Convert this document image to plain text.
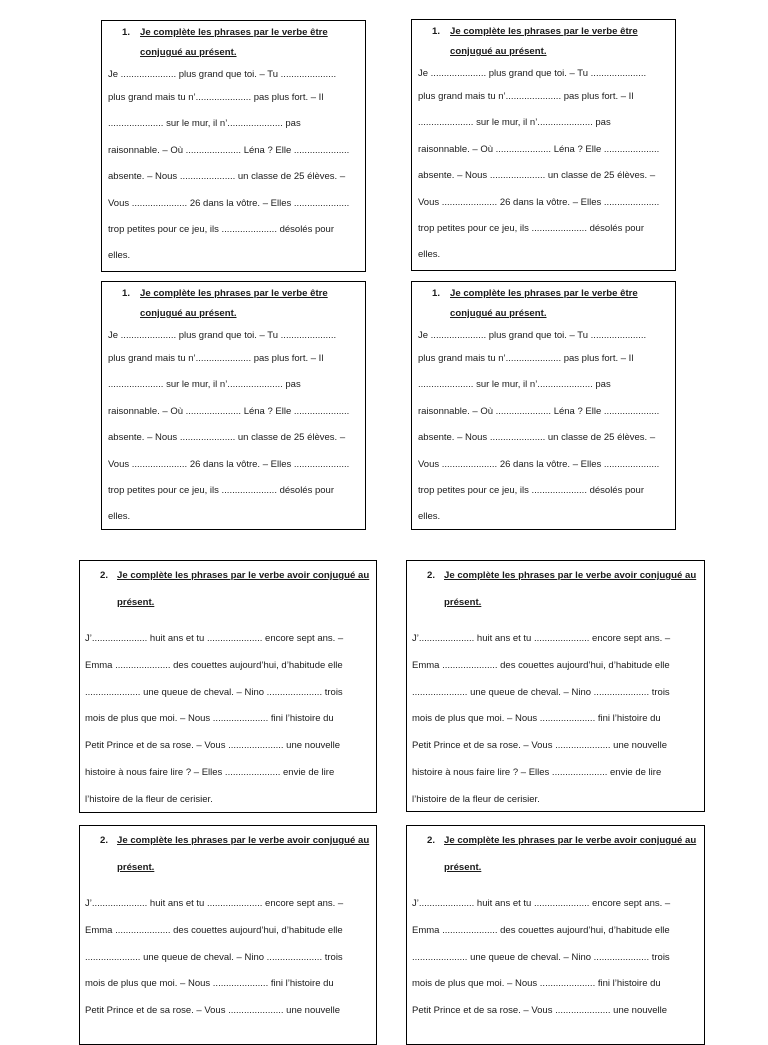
1.	Je complète les phrases par le verbe être
conjugué au présent.

Je ..................... plus grand que toi. – Tu .....................
plus grand mais tu n’..................... pas plus fort. – Il
..................... sur le mur, il n’..................... pas
raisonnable. – Où ..................... Léna ? Elle .....................
absente. – Nous ..................... un classe de 25 élèves. –
Vous ..................... 26 dans la vôtre. – Elles .....................
trop petites pour ce jeu, ils ..................... désolés pour
elles.

1.	Je complète les phrases par le verbe être
conjugué au présent.

Je ..................... plus grand que toi. – Tu .....................
plus grand mais tu n’..................... pas plus fort. – Il
..................... sur le mur, il n’..................... pas
raisonnable. – Où ..................... Léna ? Elle .....................
absente. – Nous ..................... un classe de 25 élèves. –
Vous ..................... 26 dans la vôtre. – Elles .....................
trop petites pour ce jeu, ils ..................... désolés pour
elles.

1.	Je complète les phrases par le verbe être
conjugué au présent.

Je ..................... plus grand que toi. – Tu .....................
plus grand mais tu n’..................... pas plus fort. – Il
..................... sur le mur, il n’..................... pas
raisonnable. – Où ..................... Léna ? Elle .....................
absente. – Nous ..................... un classe de 25 élèves. –
Vous ..................... 26 dans la vôtre. – Elles .....................
trop petites pour ce jeu, ils ..................... désolés pour
elles.

1.	Je complète les phrases par le verbe être
conjugué au présent.

Je ..................... plus grand que toi. – Tu .....................
plus grand mais tu n’..................... pas plus fort. – Il
..................... sur le mur, il n’..................... pas
raisonnable. – Où ..................... Léna ? Elle .....................
absente. – Nous ..................... un classe de 25 élèves. –
Vous ..................... 26 dans la vôtre. – Elles .....................
trop petites pour ce jeu, ils ..................... désolés pour
elles.

2. Je complète les phrases par le verbe avoir conjugué au
présent.

J’..................... huit ans et tu ..................... encore sept ans. –
Emma ..................... des couettes aujourd’hui, d’habitude elle
..................... une queue de cheval. – Nino ..................... trois
mois de plus que moi. – Nous ..................... fini l’histoire du
Petit Prince et de sa rose. – Vous ..................... une nouvelle
histoire à nous faire lire ? – Elles ..................... envie de lire
l’histoire de la fleur de cerisier.

2. Je complète les phrases par le verbe avoir conjugué au
présent.

J’..................... huit ans et tu ..................... encore sept ans. –
Emma ..................... des couettes aujourd’hui, d’habitude elle
..................... une queue de cheval. – Nino ..................... trois
mois de plus que moi. – Nous ..................... fini l’histoire du
Petit Prince et de sa rose. – Vous ..................... une nouvelle
histoire à nous faire lire ? – Elles ..................... envie de lire
l’histoire de la fleur de cerisier.

2. Je complète les phrases par le verbe avoir conjugué au
présent.

J’..................... huit ans et tu ..................... encore sept ans. –
Emma ..................... des couettes aujourd’hui, d’habitude elle
..................... une queue de cheval. – Nino ..................... trois
mois de plus que moi. – Nous ..................... fini l’histoire du
Petit Prince et de sa rose. – Vous ..................... une nouvelle

2. Je complète les phrases par le verbe avoir conjugué au
présent.

J’..................... huit ans et tu ..................... encore sept ans. –
Emma ..................... des couettes aujourd’hui, d’habitude elle
..................... une queue de cheval. – Nino ..................... trois
mois de plus que moi. – Nous ..................... fini l’histoire du
Petit Prince et de sa rose. – Vous ..................... une nouvelle
